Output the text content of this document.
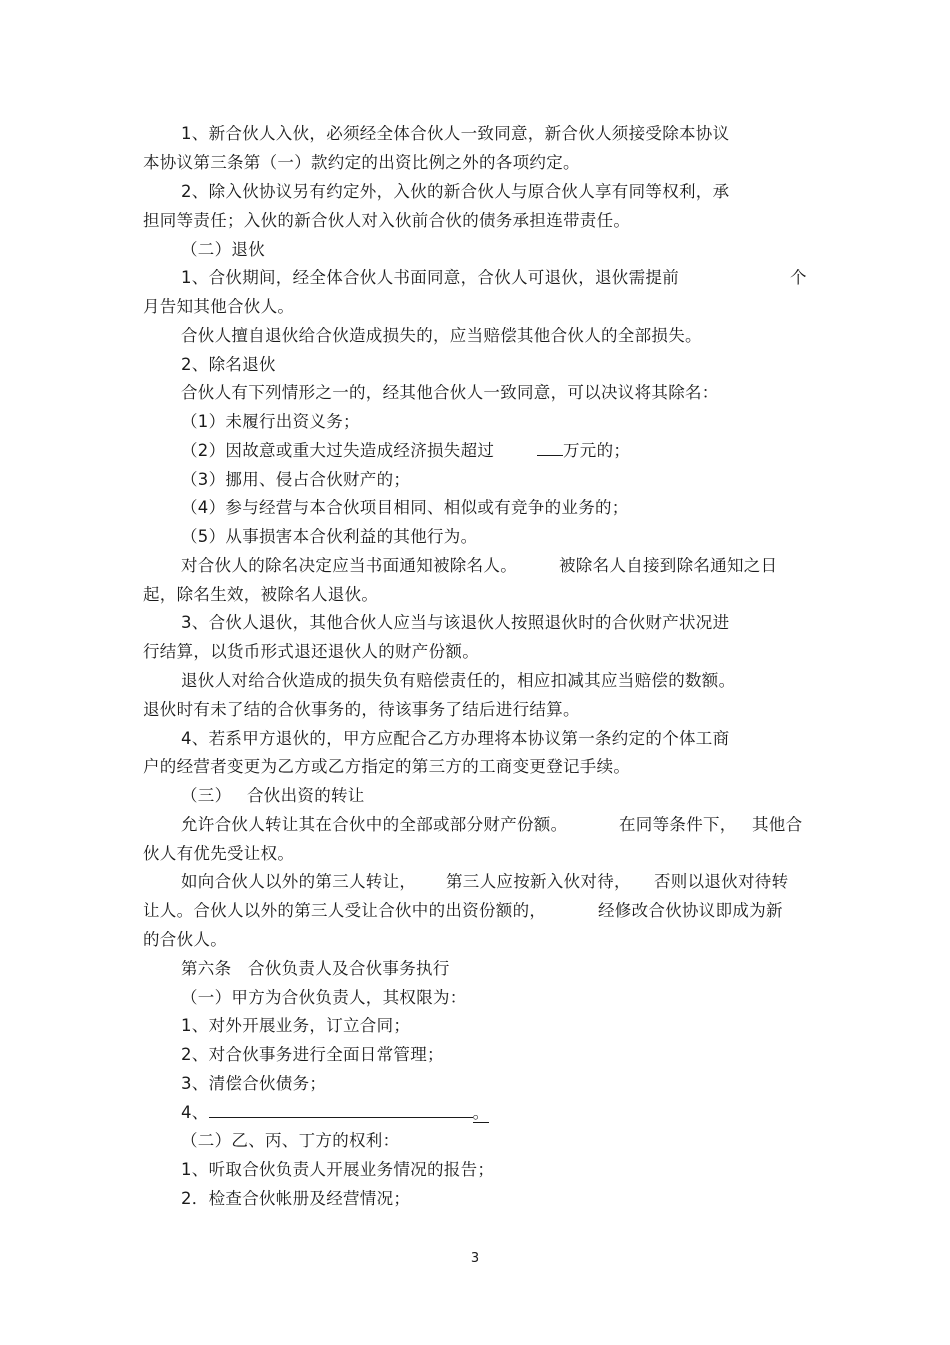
1、新合伙人入伙，必须经全体合伙人一致同意，新合伙人须接受除本协议
本协议第三条第（一）款约定的出资比例之外的各项约定。
2、除入伙协议另有约定外，入伙的新合伙人与原合伙人享有同等权利，承
担同等责任；入伙的新合伙人对入伙前合伙的债务承担连带责任。
（二）退伙
1、合伙期间，经全体合伙人书面同意，合伙人可退伙，退伙需提前	个
月告知其他合伙人。
合伙人擅自退伙给合伙造成损失的，应当赔偿其他合伙人的全部损失。
2、除名退伙
合伙人有下列情形之一的，经其他合伙人一致同意，可以决议将其除名：
（1）未履行出资义务；
（2）因故意或重大过失造成经济损失超过	万元的；
（3）挪用、侵占合伙财产的；
（4）参与经营与本合伙项目相同、相似或有竞争的业务的；
（5）从事损害本合伙利益的其他行为。
对合伙人的除名决定应当书面通知被除名人。	被除名人自接到除名通知之日
起，除名生效，被除名人退伙。
3、合伙人退伙，其他合伙人应当与该退伙人按照退伙时的合伙财产状况进
行结算，以货币形式退还退伙人的财产份额。
退伙人对给合伙造成的损失负有赔偿责任的，相应扣减其应当赔偿的数额。
退伙时有未了结的合伙事务的，待该事务了结后进行结算。
4、若系甲方退伙的，甲方应配合乙方办理将本协议第一条约定的个体工商
户的经营者变更为乙方或乙方指定的第三方的工商变更登记手续。
（三） 合伙出资的转让
允许合伙人转让其在合伙中的全部或部分财产份额。	在同等条件下， 其他合
伙人有优先受让权。
如向合伙人以外的第三人转让， 第三人应按新入伙对待， 否则以退伙对待转
让人。合伙人以外的第三人受让合伙中的出资份额的，	经修改合伙协议即成为新
的合伙人。
第六条   合伙负责人及合伙事务执行
（一）甲方为合伙负责人，其权限为：
1、对外开展业务，订立合同；
2、对合伙事务进行全面日常管理；
3、清偿合伙债务；
4、	。
（二）乙、丙、丁方的权利：
1、听取合伙负责人开展业务情况的报告；
2．检查合伙帐册及经营情况；
3
